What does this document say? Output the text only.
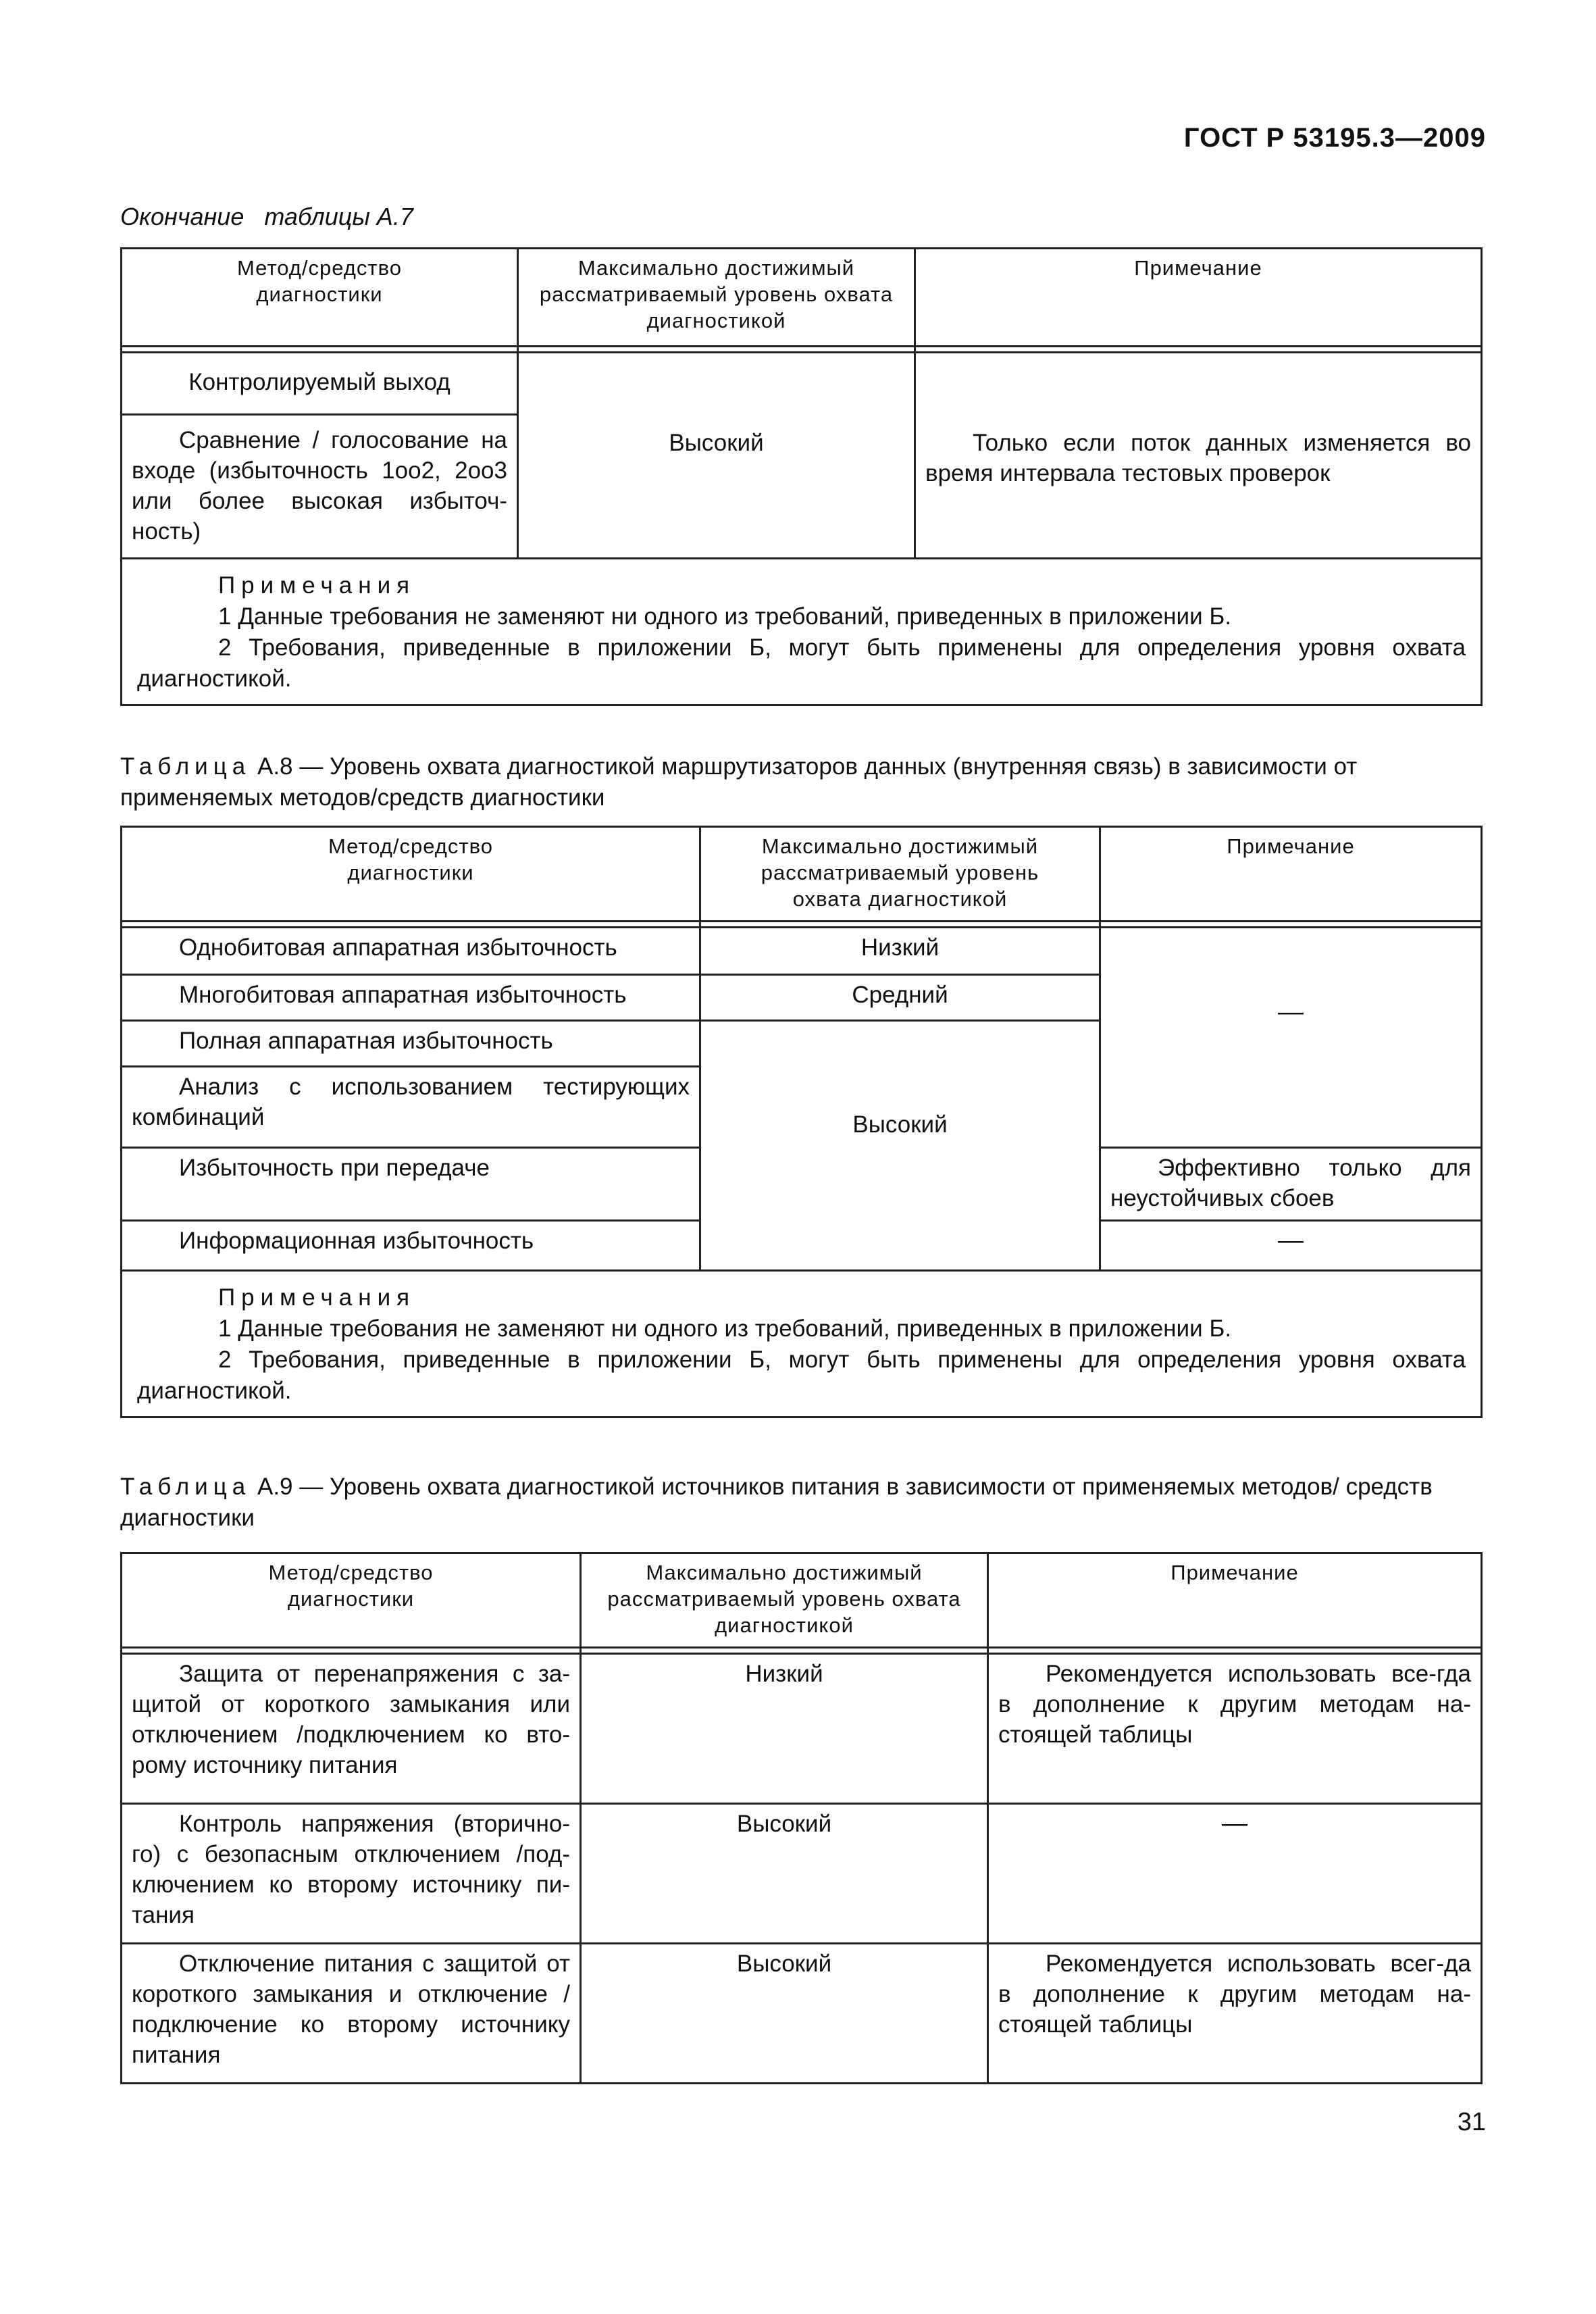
ГОСТ Р 53195.3—2009
Окончание   таблицы А.7
Метод/средство
диагностики	Максимально достижимый
рассматриваемый уровень охвата
диагностикой	Примечание

Контролируемый выход	Высокий	Только если поток данных изменяется во время интервала тестовых проверок
Сравнение / голосование на входе (избыточность 1оо2, 2оо3 или более высокая избыточ-ность)		

Примечания
1 Данные требования не заменяют ни одного из требований, приведенных в приложении Б.
2 Требования, приведенные в приложении Б, могут быть применены для определения уровня охвата диагностикой.		
Таблица А.8 — Уровень охвата диагностикой маршрутизаторов данных (внутренняя связь) в зависимости от применяемых методов/средств диагностики
Метод/средство
диагностики	Максимально достижимый
рассматриваемый уровень
охвата диагностикой	Примечание

Однобитовая аппаратная избыточность	Низкий	—
Многобитовая аппаратная избыточность	Средний	
Полная аппаратная избыточность	Высокий	
Анализ с использованием тестирующих комбинаций		
Избыточность при передаче		Эффективно только для неустойчивых сбоев
Информационная избыточность		—

Примечания
1 Данные требования не заменяют ни одного из требований, приведенных в приложении Б.
2 Требования, приведенные в приложении Б, могут быть применены для определения уровня охвата диагностикой.		
Таблица А.9 — Уровень охвата диагностикой источников питания в зависимости от применяемых методов/ средств диагностики
Метод/средство
диагностики	Максимально достижимый
рассматриваемый уровень охвата
диагностикой	Примечание

Защита от перенапряжения с за-щитой от короткого замыкания или отключением /подключением ко вто-рому источнику питания	Низкий	Рекомендуется использовать все-гда в дополнение к другим методам на-стоящей таблицы
Контроль напряжения (вторично-го) с безопасным отключением /под-ключением ко второму источнику пи-тания	Высокий	—
Отключение питания с защитой от короткого замыкания и отключение / подключение ко второму источнику питания	Высокий	Рекомендуется использовать всег-да в дополнение к другим методам на-стоящей таблицы
31
